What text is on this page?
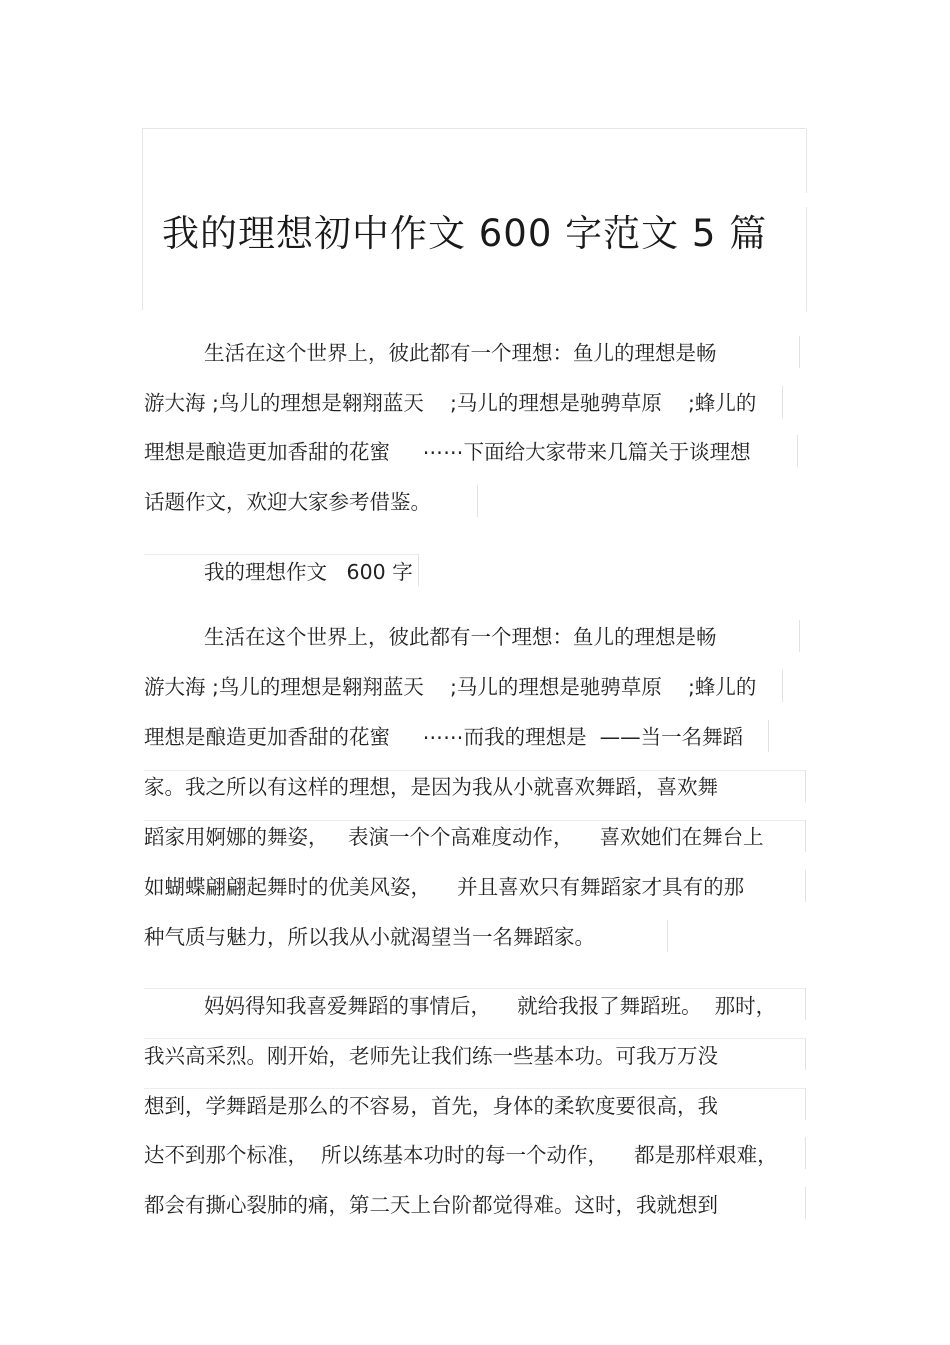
我的理想初中作文 600 字范文 5 篇
生活在这个世界上，彼此都有一个理想：鱼儿的理想是畅
游大海 ;鸟儿的理想是翱翔蓝天    ;马儿的理想是驰骋草原    ;蜂儿的
理想是酿造更加香甜的花蜜     ⋯⋯下面给大家带来几篇关于谈理想
话题作文，欢迎大家参考借鉴。
我的理想作文   600 字
生活在这个世界上，彼此都有一个理想：鱼儿的理想是畅
游大海 ;鸟儿的理想是翱翔蓝天    ;马儿的理想是驰骋草原    ;蜂儿的
理想是酿造更加香甜的花蜜     ⋯⋯而我的理想是  ——当一名舞蹈
家。我之所以有这样的理想，是因为我从小就喜欢舞蹈，喜欢舞
蹈家用婀娜的舞姿，   表演一个个高难度动作，    喜欢她们在舞台上
如蝴蝶翩翩起舞时的优美风姿，    并且喜欢只有舞蹈家才具有的那
种气质与魅力，所以我从小就渴望当一名舞蹈家。
妈妈得知我喜爱舞蹈的事情后，    就给我报了舞蹈班。  那时，
我兴高采烈。刚开始，老师先让我们练一些基本功。可我万万没
想到，学舞蹈是那么的不容易，首先，身体的柔软度要很高，我
达不到那个标准，  所以练基本功时的每一个动作，    都是那样艰难，
都会有撕心裂肺的痛，第二天上台阶都觉得难。这时，我就想到
